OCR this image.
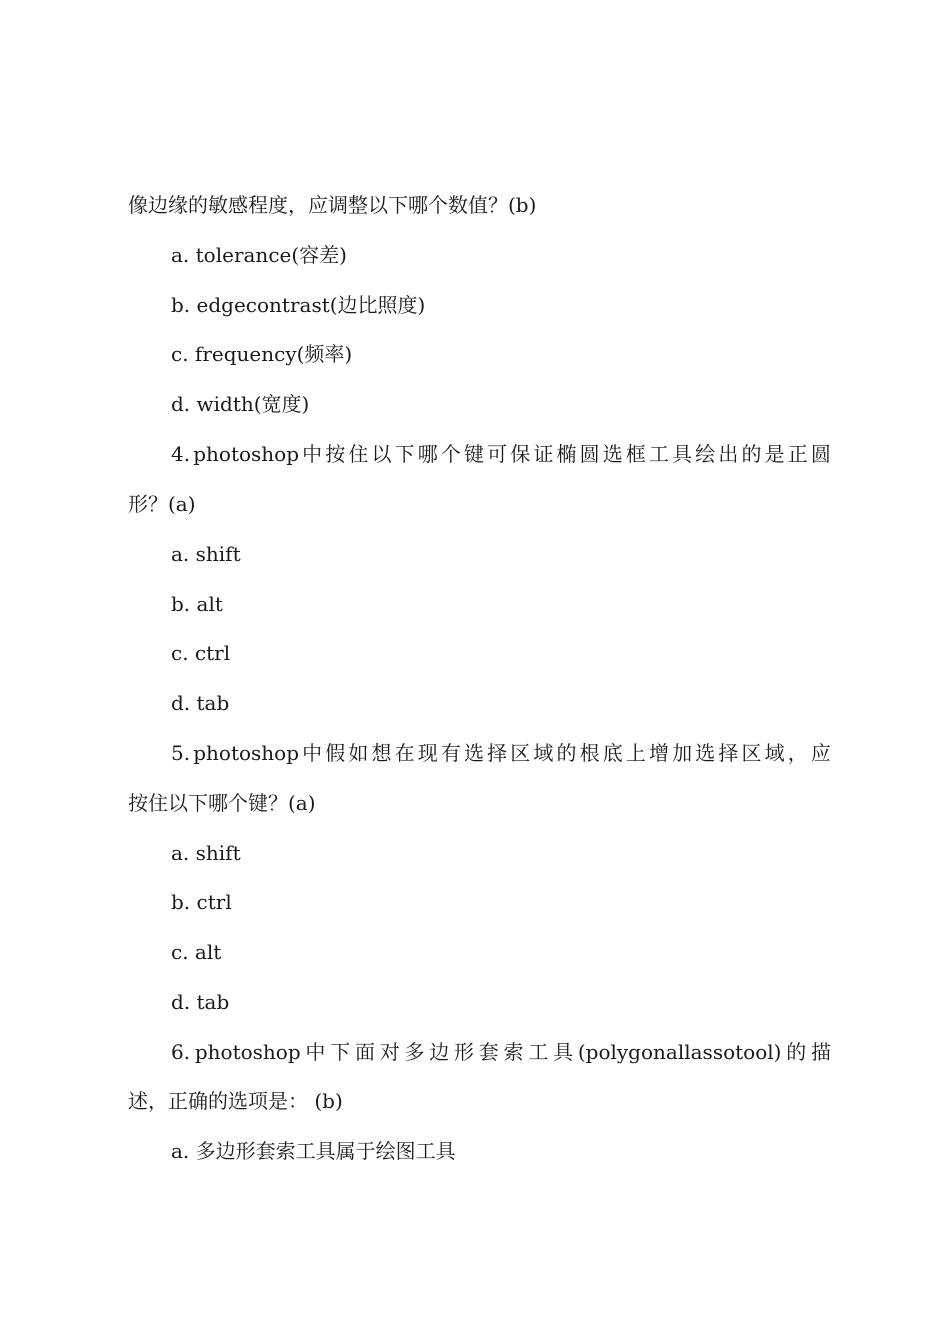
像边缘的敏感程度，应调整以下哪个数值？(b)
a. tolerance(容差)
b. edgecontrast(边比照度)
c. frequency(频率)
d. width(宽度)
4. photoshop 中 按 住 以 下 哪 个 键 可 保 证 椭 圆 选 框 工 具 绘 出 的 是 正 圆
形？(a)
a. shift
b. alt
c. ctrl
d. tab
5. photoshop 中 假 如 想 在 现 有 选 择 区 域 的 根 底 上 增 加 选 择 区 域 ， 应
按住以下哪个键？(a)
a. shift
b. ctrl
c. alt
d. tab
6. photoshop 中 下 面 对 多 边 形 套 索 工 具 (polygonallassotool) 的 描
述，正确的选项是： (b)
a. 多边形套索工具属于绘图工具
